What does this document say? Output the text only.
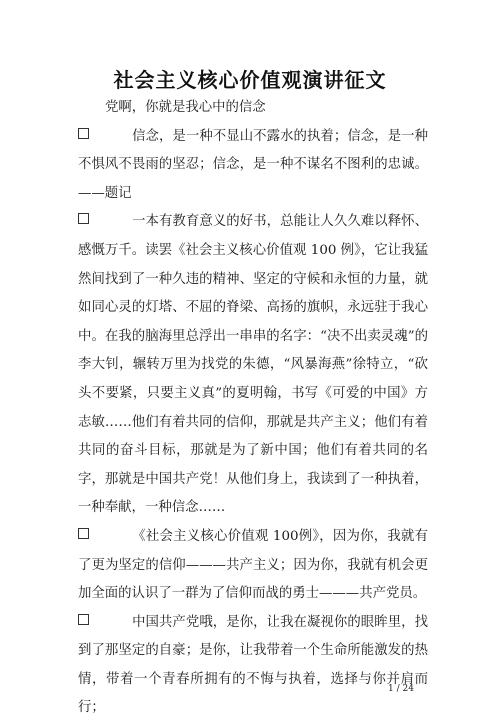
社会主义核心价值观演讲征文

党啊，你就是我心中的信念

信念，是一种不显山不露水的执着；信念，是一种不惧风不畏雨的坚忍；信念，是一种不谋名不图利的忠诚。——题记

一本有教育意义的好书，总能让人久久难以释怀、感慨万千。读罢《社会主义核心价值观 100 例》，它让我猛然间找到了一种久违的精神、坚定的守候和永恒的力量，就如同心灵的灯塔、不屈的脊梁、高扬的旗帜，永远驻于我心中。在我的脑海里总浮出一串串的名字：“决不出卖灵魂”的李大钊，辗转万里为找党的朱德，“风暴海燕”徐特立，“砍头不要紧，只要主义真”的夏明翰，书写《可爱的中国》方志敏……他们有着共同的信仰，那就是共产主义；他们有着共同的奋斗目标，那就是为了新中国；他们有着共同的名字，那就是中国共产党！从他们身上，我读到了一种执着，一种奉献，一种信念……

《社会主义核心价值观 100例》，因为你，我就有了更为坚定的信仰———共产主义；因为你，我就有机会更加全面的认识了一群为了信仰而战的勇士———共产党员。

中国共产党哦，是你，让我在凝视你的眼眸里，找到了那坚定的自豪；是你，让我带着一个生命所能激发的热情，带着一个青春所拥有的不悔与执着，选择与你并肩而行；

1 / 24
